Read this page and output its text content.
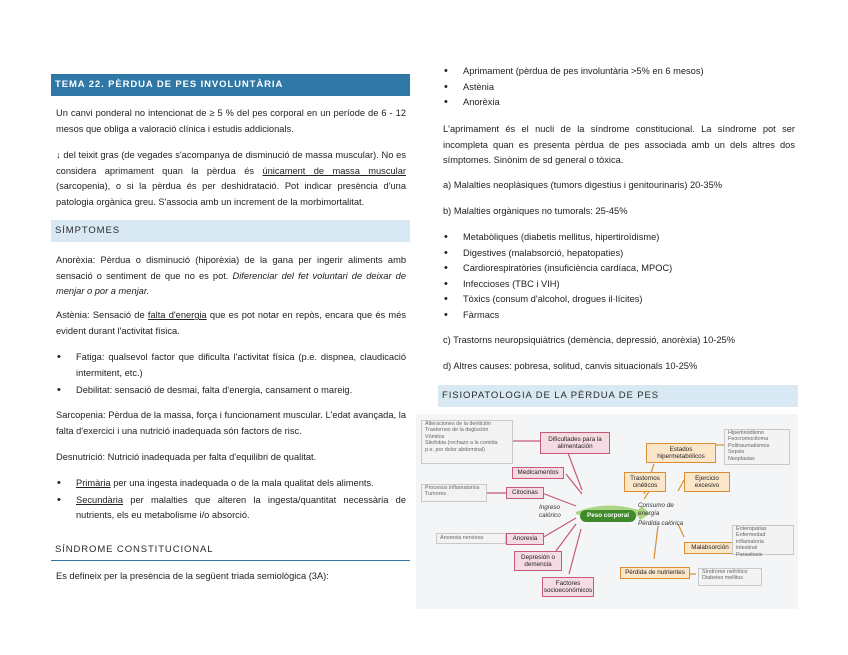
TEMA 22. PÈRDUA DE PES INVOLUNTÀRIA

Un canvi ponderal no intencionat de ≥ 5 % del pes corporal en un període de 6 - 12 mesos que obliga a valoració clínica i estudis addicionals.

↓ del teixit gras (de vegades s'acompanya de disminució de massa muscular). No es considera aprimament quan la pèrdua és únicament de massa muscular (sarcopenia), o si la pèrdua és per deshidratació. Pot indicar presència d'una patologia orgànica greu. S'associa amb un increment de la morbimortalitat.

SÍMPTOMES

Anorèxia: Pèrdua o disminució (hiporèxia) de la gana per ingerir aliments amb sensació o sentiment de que no es pot. Diferenciar del fet voluntari de deixar de menjar o por a menjar.

Astènia: Sensació de falta d'energia que es pot notar en repòs, encara que és més evident durant l'activitat física.

• Fatiga: qualsevol factor que dificulta l'activitat física (p.e. dispnea, claudicació intermitent, etc.)
• Debilitat: sensació de desmai, falta d'energia, cansament o mareig.

Sarcopenia: Pèrdua de la massa, força i funcionament muscular. L'edat avançada, la falta d'exercici i una nutrició inadequada són factors de risc.

Desnutrició: Nutrició inadequada per falta d'equilibri de qualitat.

• Primària per una ingesta inadequada o de la mala qualitat dels aliments.
• Secundària per malalties que alteren la ingesta/quantitat necessària de nutrients, els eu metabolisme i/o absorció.
SÍNDROME CONSTITUCIONAL

Es defineix per la presència de la següent triada semiològica (3A):

• Aprimament (pèrdua de pes involuntària >5% en 6 mesos)
• Astènia
• Anorèxia

L'aprimament és el nucli de la síndrome constitucional. La síndrome pot ser incompleta quan es presenta pèrdua de pes associada amb un dels altres dos símptomes. Sinònim de sd general o tòxica.

a) Malalties neoplàsiques (tumors digestius i genitourinaris) 20-35%

b) Malalties orgàniques no tumorals: 25-45%

• Metabòliques (diabetis mellitus, hipertiroïdisme)
• Digestives (malabsorció, hepatopaties)
• Cardiorespiratòries (insuficiència cardíaca, MPOC)
• Infeccioses (TBC i VIH)
• Tòxics (consum d'alcohol, drogues il·lícites)
• Fàrmacs

c) Trastorns neuropsiquiàtrics (demència, depressió, anorèxia) 10-25%

d) Altres causes: pobresa, solitud, canvis situacionals 10-25%

FISIOPATOLOGIA DE LA PÈRDUA DE PES
Alteraciones de la dentición
Trastornos de la deglución
Vómitos
Sitofobia (rechazo a la comida
p.e. por dolor abdominal)
Procesos inflamatorios
Tumores
Anorexia nerviosa
Dificultades para la alimentación
Medicamentos
Citocinas
Anorexia
Depresión o demencia
Factores socioeconómicos
Ingreso calórico	Peso corporal
Consumo de energía
Pérdida calórica
Estados hipermetabólicos
Trastornos cinéticos
Ejercicio excesivo
Malabsorción
Pérdida de nutrientes
Hipertiroidismo
Feocromocitoma
Politraumatismos
Sepsis
Neoplasias
Enteropatías
Enfermedad inflamatoria
intestinal
Parasitosis
Síndrome nefrótico
Diabetes mellitus
